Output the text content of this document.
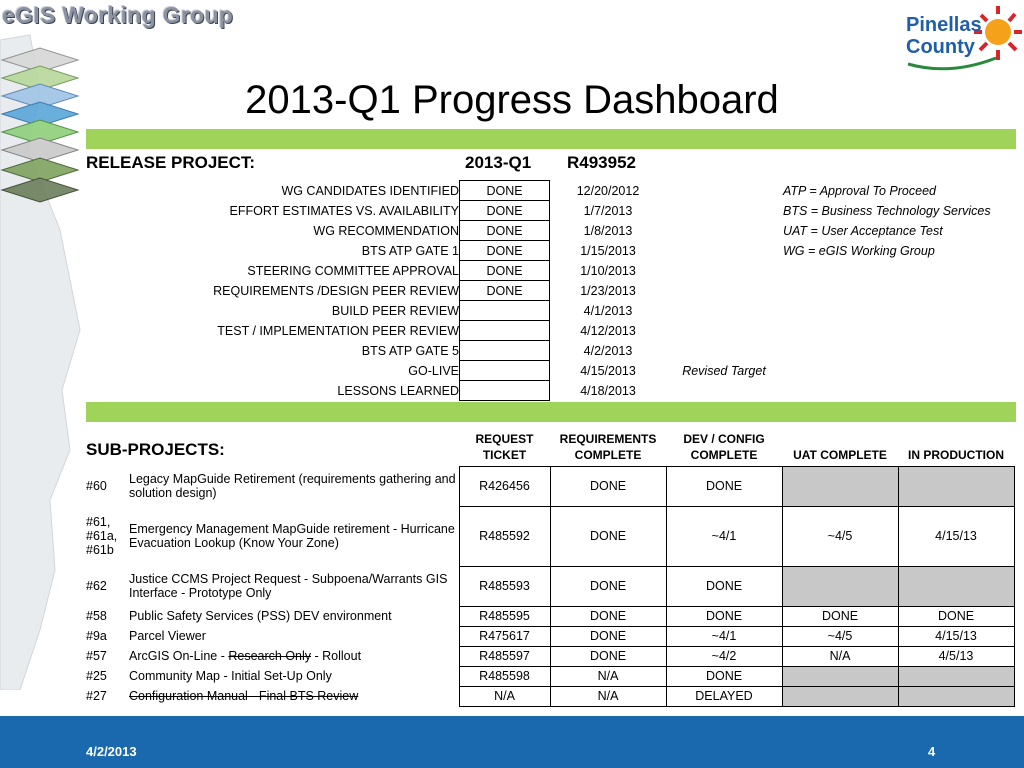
eGIS Working Group	Pinellas County
2013-Q1 Progress Dashboard
RELEASE PROJECT:	2013-Q1 R493952
WG CANDIDATES IDENTIFIED	DONE	12/20/2012		ATP = Approval To Proceed
EFFORT ESTIMATES VS. AVAILABILITY	DONE	1/7/2013		BTS = Business Technology Services
WG RECOMMENDATION	DONE	1/8/2013		UAT = User Acceptance Test
BTS ATP GATE 1	DONE	1/15/2013		WG = eGIS Working Group
STEERING COMMITTEE APPROVAL	DONE	1/10/2013		
REQUIREMENTS /DESIGN PEER REVIEW	DONE	1/23/2013		
BUILD PEER REVIEW		4/1/2013		
TEST / IMPLEMENTATION PEER REVIEW		4/12/2013		
BTS ATP GATE 5		4/2/2013		
GO-LIVE		4/15/2013	Revised Target	
LESSONS LEARNED		4/18/2013		
SUB-PROJECTS:
		REQUEST TICKET	REQUIREMENTS COMPLETE	DEV / CONFIG COMPLETE	UAT COMPLETE	IN PRODUCTION
#60	Legacy MapGuide Retirement (requirements gathering and solution design)	R426456	DONE	DONE		
#61, #61a, #61b	Emergency Management MapGuide retirement - Hurricane Evacuation Lookup (Know Your Zone)	R485592	DONE	~4/1	~4/5	4/15/13
#62	Justice CCMS Project Request - Subpoena/Warrants GIS Interface - Prototype Only	R485593	DONE	DONE		
#58	Public Safety Services (PSS) DEV environment	R485595	DONE	DONE	DONE	DONE
#9a	Parcel Viewer	R475617	DONE	~4/1	~4/5	4/15/13
#57	ArcGIS On-Line - Research Only - Rollout	R485597	DONE	~4/2	N/A	4/5/13
#25	Community Map - Initial Set-Up Only	R485598	N/A	DONE		
#27	Configuration Manual - Final BTS Review	N/A	N/A	DELAYED		
4/2/2013	4
